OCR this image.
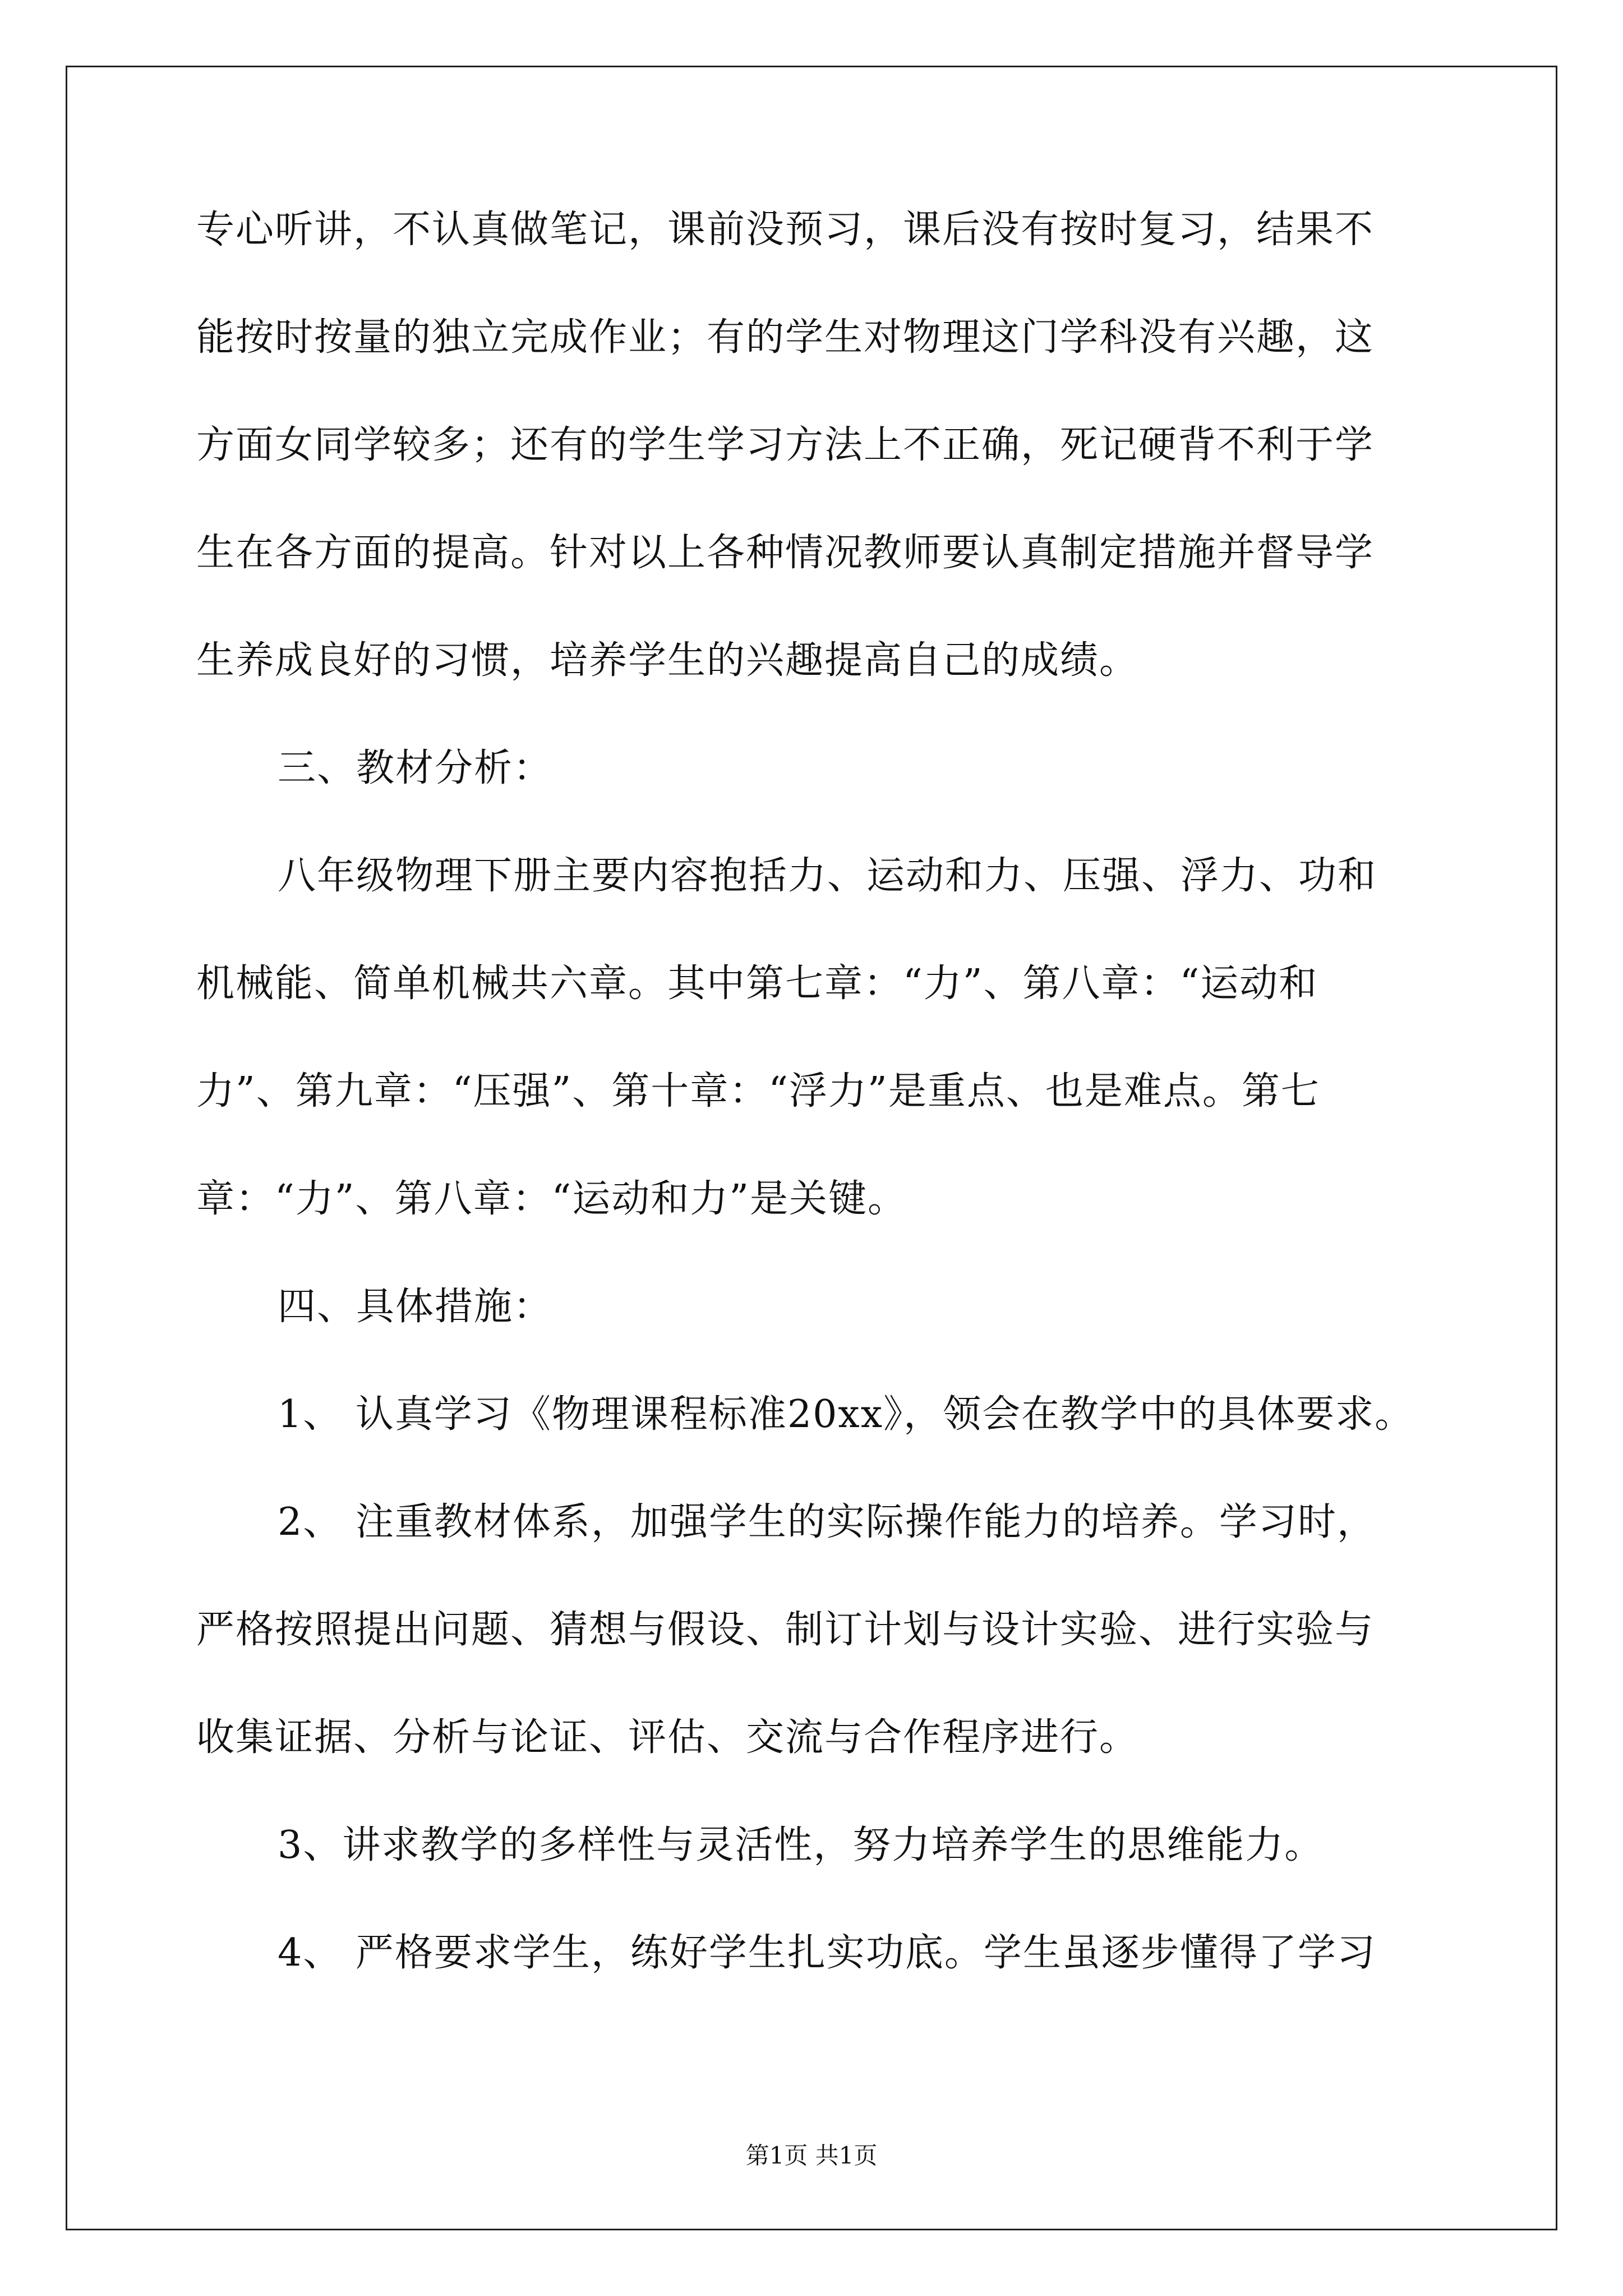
专心听讲，不认真做笔记，课前没预习，课后没有按时复习，结果不
能按时按量的独立完成作业；有的学生对物理这门学科没有兴趣，这
方面女同学较多；还有的学生学习方法上不正确，死记硬背不利于学
生在各方面的提高。针对以上各种情况教师要认真制定措施并督导学
生养成良好的习惯，培养学生的兴趣提高自己的成绩。
三、教材分析：
八年级物理下册主要内容抱括力、运动和力、压强、浮力、功和
机械能、简单机械共六章。其中第七章：“力”、第八章：“运动和
力”、第九章：“压强”、第十章：“浮力”是重点、也是难点。第七
章：“力”、第八章：“运动和力”是关键。
四、具体措施：
1、 认真学习《物理课程标准20xx》，领会在教学中的具体要求。
2、 注重教材体系，加强学生的实际操作能力的培养。学习时，
严格按照提出问题、猜想与假设、制订计划与设计实验、进行实验与
收集证据、分析与论证、评估、交流与合作程序进行。
3、讲求教学的多样性与灵活性，努力培养学生的思维能力。
4、 严格要求学生，练好学生扎实功底。学生虽逐步懂得了学习
第1页 共1页
